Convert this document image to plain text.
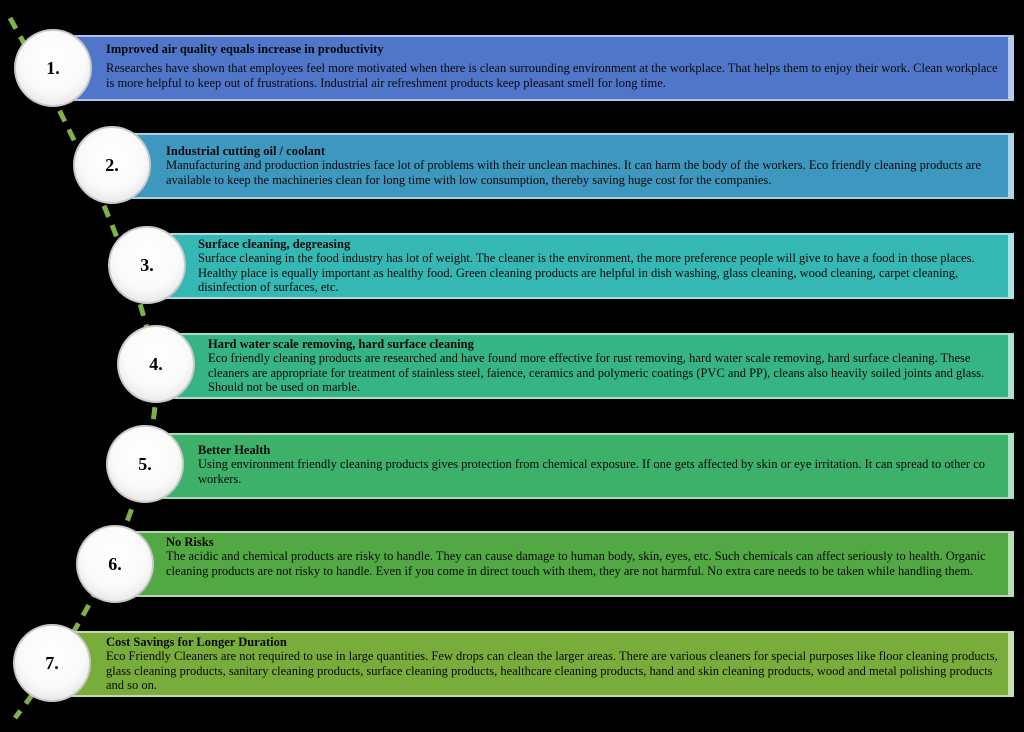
Improved air quality equals increase in productivity
Researches have shown that employees feel more motivated when there is clean surrounding environment at the workplace. That helps them to enjoy their work. Clean workplace is more helpful to keep out of frustrations. Industrial air refreshment products keep pleasant smell for long time.
1.
Industrial cutting oil / coolant
Manufacturing and production industries face lot of problems with their unclean machines. It can harm the body of the workers. Eco friendly cleaning products are available to keep the machineries clean for long time with low consumption, thereby saving huge cost for the companies.
2.
Surface cleaning, degreasing
Surface cleaning in the food industry has lot of weight. The cleaner is the environment, the more preference people will give to have a food in those places. Healthy place is equally important as healthy food. Green cleaning products are helpful in dish washing, glass cleaning, wood cleaning, carpet cleaning, disinfection of surfaces, etc.
3.
Hard water scale removing, hard surface cleaning
Eco friendly cleaning products are researched and have found more effective for rust removing, hard water scale removing, hard surface cleaning. These cleaners are appropriate for treatment of stainless steel, faience, ceramics and polymeric coatings (PVC and PP), cleans also heavily soiled joints and glass. Should not be used on marble.
4.
Better Health
Using environment friendly cleaning products gives protection from chemical exposure. If one gets affected by skin or eye irritation. It can spread to other co workers.
5.
No Risks
The acidic and chemical products are risky to handle. They can cause damage to human body, skin, eyes, etc. Such chemicals can affect seriously to health. Organic cleaning products are not risky to handle. Even if you come in direct touch with them, they are not harmful. No extra care needs to be taken while handling them.
6.
Cost Savings for Longer Duration
Eco Friendly Cleaners are not required to use in large quantities. Few drops can clean the larger areas. There are various cleaners for special purposes like floor cleaning products, glass cleaning products, sanitary cleaning products, surface cleaning products, healthcare cleaning products, hand and skin cleaning products, wood and metal polishing products and so on.
7.
